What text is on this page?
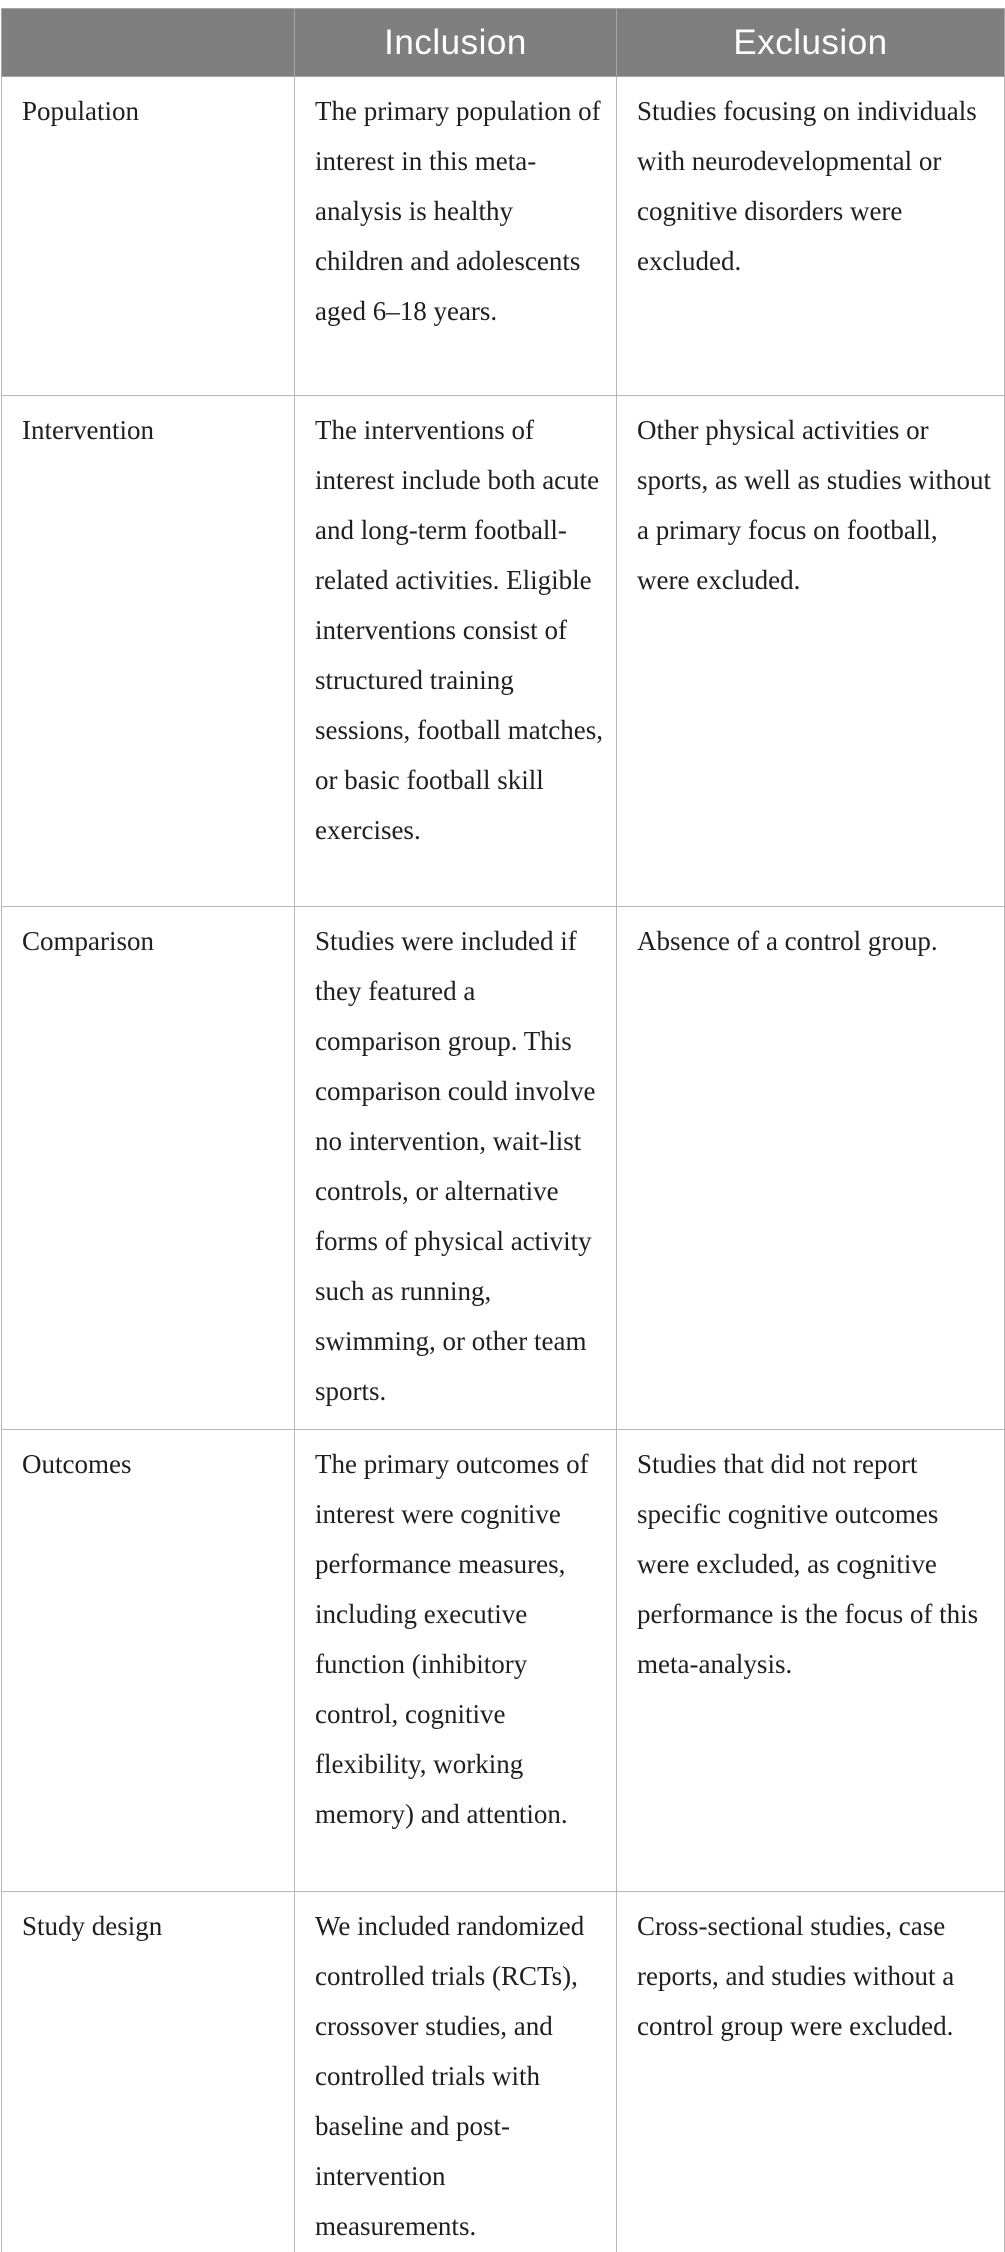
	Inclusion	Exclusion
Population	The primary population of interest in this meta-analysis is healthy children and adolescents aged 6–18 years.	Studies focusing on individuals with neurodevelopmental or cognitive disorders were excluded.
Intervention	The interventions of interest include both acute and long-term football-related activities. Eligible interventions consist of structured training sessions, football matches, or basic football skill exercises.	Other physical activities or sports, as well as studies without a primary focus on football, were excluded.
Comparison	Studies were included if they featured a comparison group. This comparison could involve no intervention, wait-list controls, or alternative forms of physical activity such as running, swimming, or other team sports.	Absence of a control group.
Outcomes	The primary outcomes of interest were cognitive performance measures, including executive function (inhibitory control, cognitive flexibility, working memory) and attention.	Studies that did not report specific cognitive outcomes were excluded, as cognitive performance is the focus of this meta-analysis.
Study design	We included randomized controlled trials (RCTs), crossover studies, and controlled trials with baseline and post-intervention measurements.	Cross-sectional studies, case reports, and studies without a control group were excluded.
